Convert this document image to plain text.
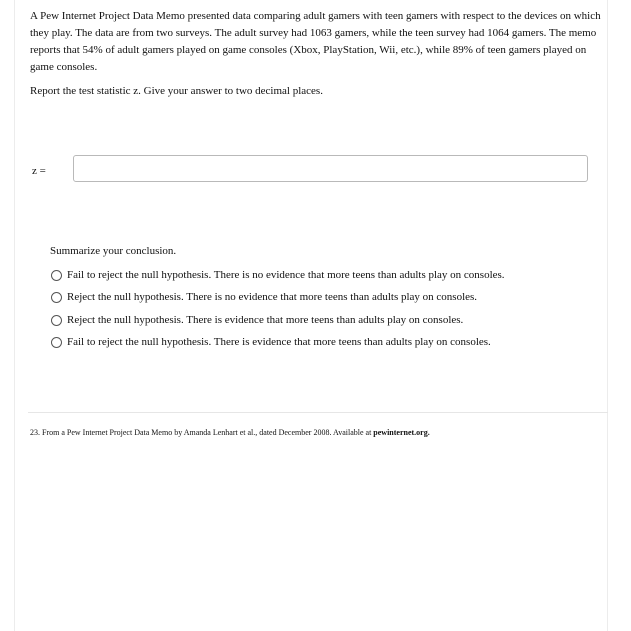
A Pew Internet Project Data Memo presented data comparing adult gamers with teen gamers with respect to the devices on which they play. The data are from two surveys. The adult survey had 1063 gamers, while the teen survey had 1064 gamers. The memo reports that 54% of adult gamers played on game consoles (Xbox, PlayStation, Wii, etc.), while 89% of teen gamers played on game consoles.

Report the test statistic z. Give your answer to two decimal places.

z =
Summarize your conclusion.
Fail to reject the null hypothesis. There is no evidence that more teens than adults play on consoles.
Reject the null hypothesis. There is no evidence that more teens than adults play on consoles.
Reject the null hypothesis. There is evidence that more teens than adults play on consoles.
Fail to reject the null hypothesis. There is evidence that more teens than adults play on consoles.
23. From a Pew Internet Project Data Memo by Amanda Lenhart et al., dated December 2008. Available at pewinternet.org.
